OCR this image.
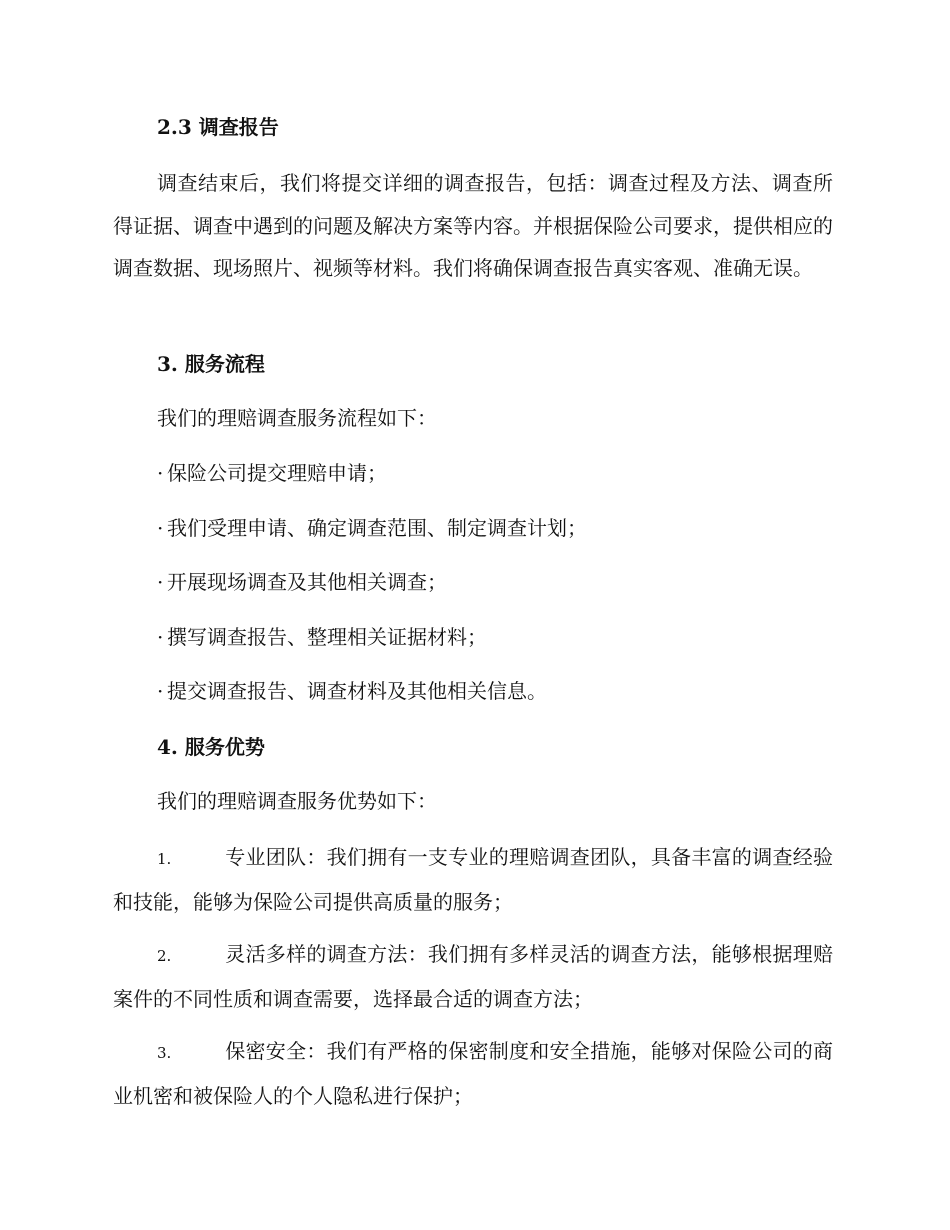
2.3 调查报告
调查结束后，我们将提交详细的调查报告，包括：调查过程及方法、调查所得证据、调查中遇到的问题及解决方案等内容。并根据保险公司要求，提供相应的调查数据、现场照片、视频等材料。我们将确保调查报告真实客观、准确无误。
3. 服务流程
我们的理赔调查服务流程如下：
· 保险公司提交理赔申请；
· 我们受理申请、确定调查范围、制定调查计划；
· 开展现场调查及其他相关调查；
· 撰写调查报告、整理相关证据材料；
· 提交调查报告、调查材料及其他相关信息。
4. 服务优势
我们的理赔调查服务优势如下：
1.	专业团队：我们拥有一支专业的理赔调查团队，具备丰富的调查经验和技能，能够为保险公司提供高质量的服务；
2.	灵活多样的调查方法：我们拥有多样灵活的调查方法，能够根据理赔案件的不同性质和调查需要，选择最合适的调查方法；
3.	保密安全：我们有严格的保密制度和安全措施，能够对保险公司的商业机密和被保险人的个人隐私进行保护；
